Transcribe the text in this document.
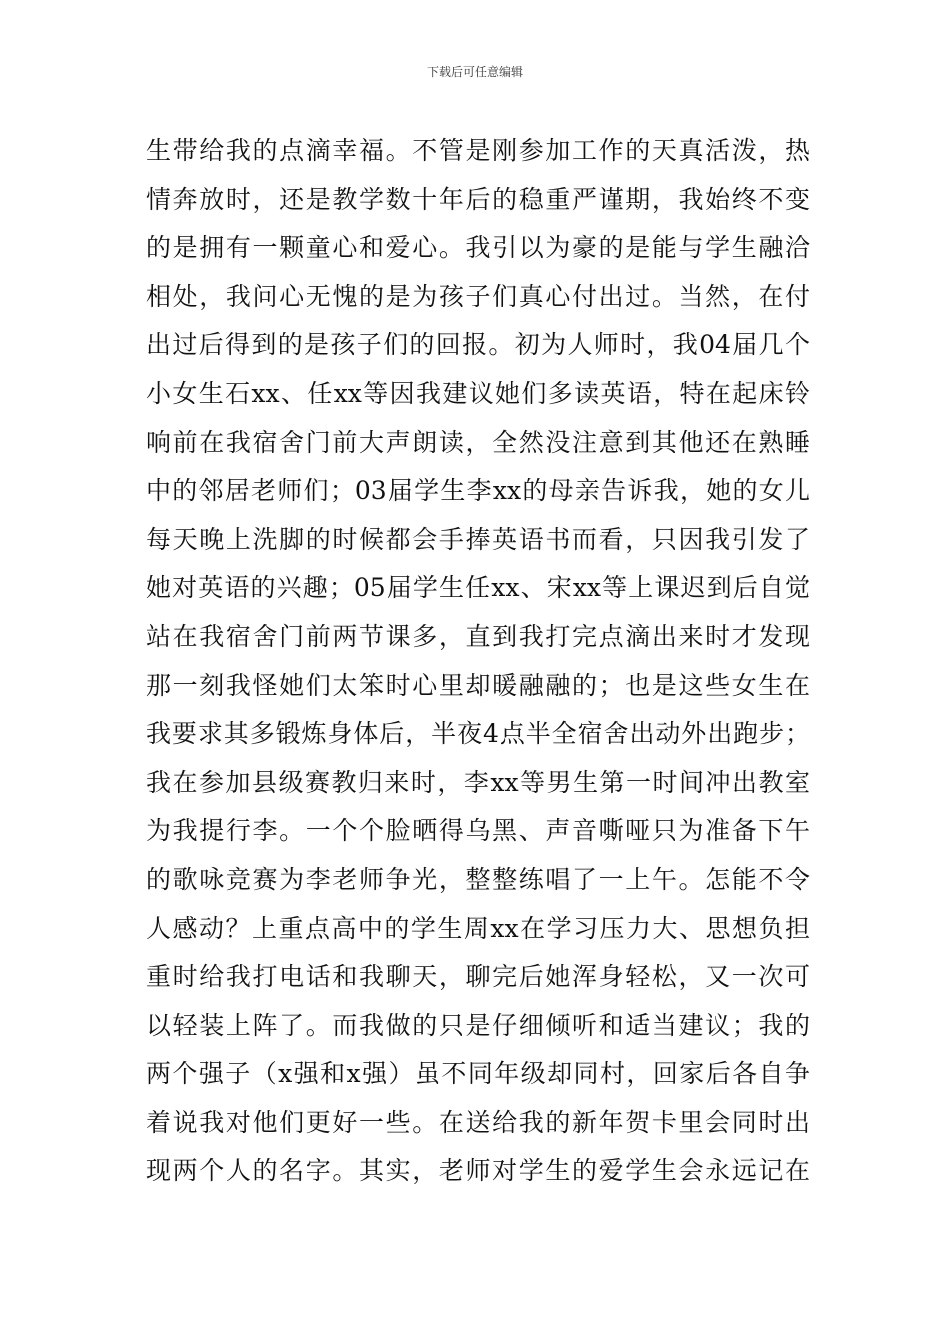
下载后可任意编辑
生带给我的点滴幸福。不管是刚参加工作的天真活泼，热
情奔放时，还是教学数十年后的稳重严谨期，我始终不变
的是拥有一颗童心和爱心。我引以为豪的是能与学生融洽
相处，我问心无愧的是为孩子们真心付出过。当然，在付
出过后得到的是孩子们的回报。初为人师时，我04届几个
小女生石xx、任xx等因我建议她们多读英语，特在起床铃
响前在我宿舍门前大声朗读，全然没注意到其他还在熟睡
中的邻居老师们；03届学生李xx的母亲告诉我，她的女儿
每天晚上洗脚的时候都会手捧英语书而看，只因我引发了
她对英语的兴趣；05届学生任xx、宋xx等上课迟到后自觉
站在我宿舍门前两节课多，直到我打完点滴出来时才发现
那一刻我怪她们太笨时心里却暖融融的；也是这些女生在
我要求其多锻炼身体后，半夜4点半全宿舍出动外出跑步；
我在参加县级赛教归来时，李xx等男生第一时间冲出教室
为我提行李。一个个脸晒得乌黑、声音嘶哑只为准备下午
的歌咏竞赛为李老师争光，整整练唱了一上午。怎能不令
人感动？上重点高中的学生周xx在学习压力大、思想负担
重时给我打电话和我聊天，聊完后她浑身轻松，又一次可
以轻装上阵了。而我做的只是仔细倾听和适当建议；我的
两个强子（x强和x强）虽不同年级却同村，回家后各自争
着说我对他们更好一些。在送给我的新年贺卡里会同时出
现两个人的名字。其实，老师对学生的爱学生会永远记在
